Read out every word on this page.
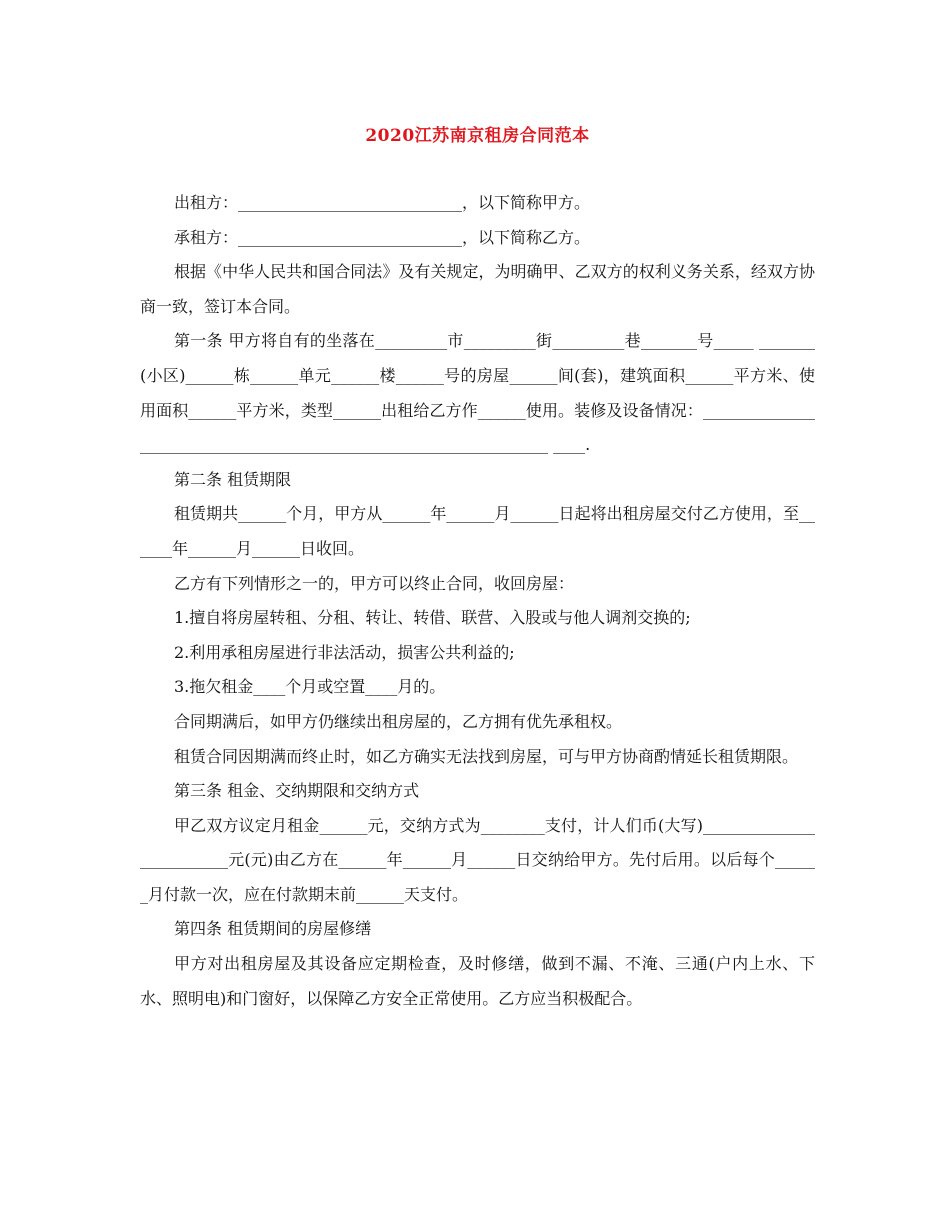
2020江苏南京租房合同范本

出租方：____________________________，以下简称甲方。

承租方：____________________________，以下简称乙方。

根据《中华人民共和国合同法》及有关规定，为明确甲、乙双方的权利义务关系，经双方协商一致，签订本合同。

第一条 甲方将自有的坐落在_________市_________街_________巷_______号_____ _______(小区)______栋______单元______楼______号的房屋______间(套)，建筑面积______平方米、使用面积______平方米，类型______出租给乙方作______使用。装修及设备情况：_________________________________________________________________ ____.

第二条 租赁期限

租赁期共______个月，甲方从______年______月______日起将出租房屋交付乙方使用，至______年______月______日收回。

乙方有下列情形之一的，甲方可以终止合同，收回房屋：

1.擅自将房屋转租、分租、转让、转借、联营、入股或与他人调剂交换的;

2.利用承租房屋进行非法活动，损害公共利益的;

3.拖欠租金____个月或空置____月的。

合同期满后，如甲方仍继续出租房屋的，乙方拥有优先承租权。

租赁合同因期满而终止时，如乙方确实无法找到房屋，可与甲方协商酌情延长租赁期限。

第三条 租金、交纳期限和交纳方式

甲乙双方议定月租金______元，交纳方式为________支付，计人们币(大写)_________________________元(元)由乙方在______年______月______日交纳给甲方。先付后用。以后每个______月付款一次，应在付款期末前______天支付。

第四条 租赁期间的房屋修缮

甲方对出租房屋及其设备应定期检查，及时修缮，做到不漏、不淹、三通(户内上水、下水、照明电)和门窗好，以保障乙方安全正常使用。乙方应当积极配合。
